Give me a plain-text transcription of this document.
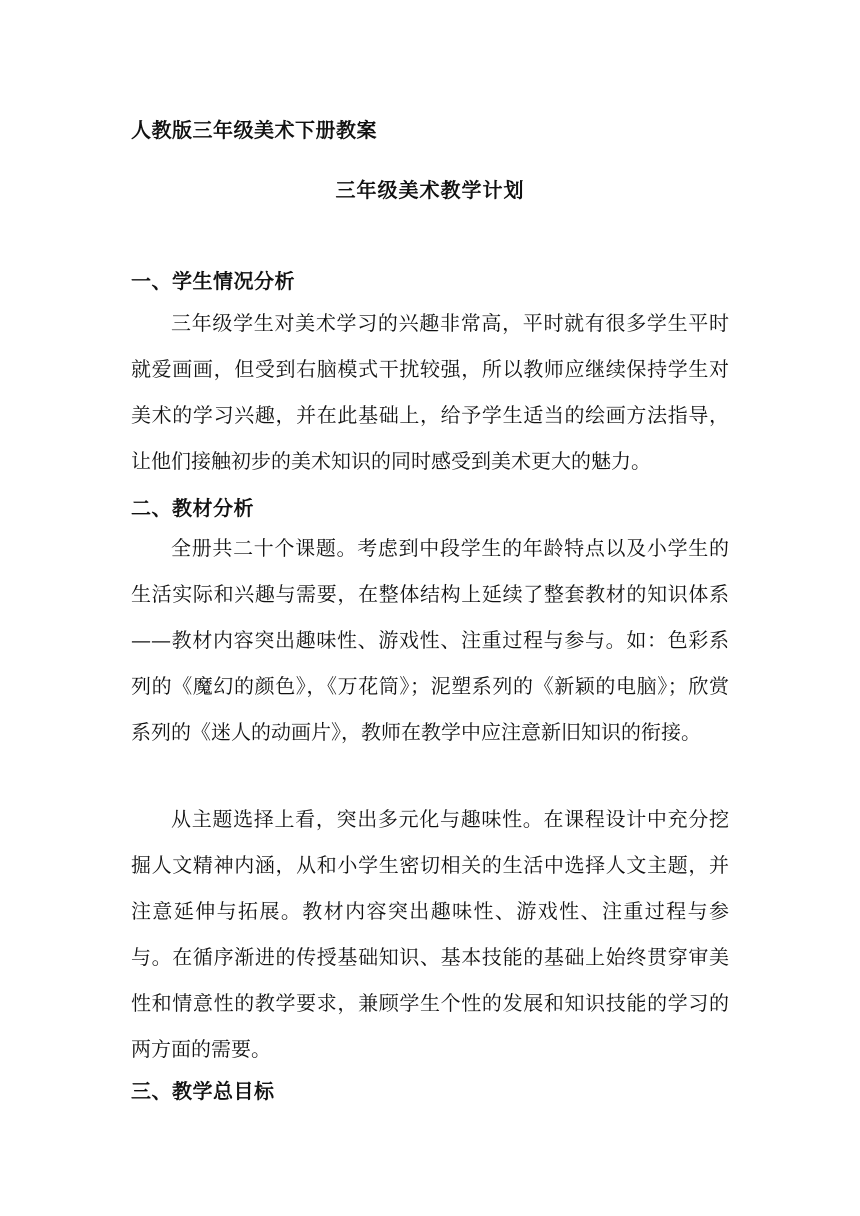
人教版三年级美术下册教案
三年级美术教学计划
一、学生情况分析
三年级学生对美术学习的兴趣非常高，平时就有很多学生平时就爱画画，但受到右脑模式干扰较强，所以教师应继续保持学生对美术的学习兴趣，并在此基础上，给予学生适当的绘画方法指导，让他们接触初步的美术知识的同时感受到美术更大的魅力。
二、教材分析
全册共二十个课题。考虑到中段学生的年龄特点以及小学生的生活实际和兴趣与需要，在整体结构上延续了整套教材的知识体系——教材内容突出趣味性、游戏性、注重过程与参与。如：色彩系列的《魔幻的颜色》，《万花筒》；泥塑系列的《新颖的电脑》；欣赏系列的《迷人的动画片》，教师在教学中应注意新旧知识的衔接。
从主题选择上看，突出多元化与趣味性。在课程设计中充分挖掘人文精神内涵，从和小学生密切相关的生活中选择人文主题，并注意延伸与拓展。教材内容突出趣味性、游戏性、注重过程与参与。在循序渐进的传授基础知识、基本技能的基础上始终贯穿审美性和情意性的教学要求，兼顾学生个性的发展和知识技能的学习的两方面的需要。
三、教学总目标
